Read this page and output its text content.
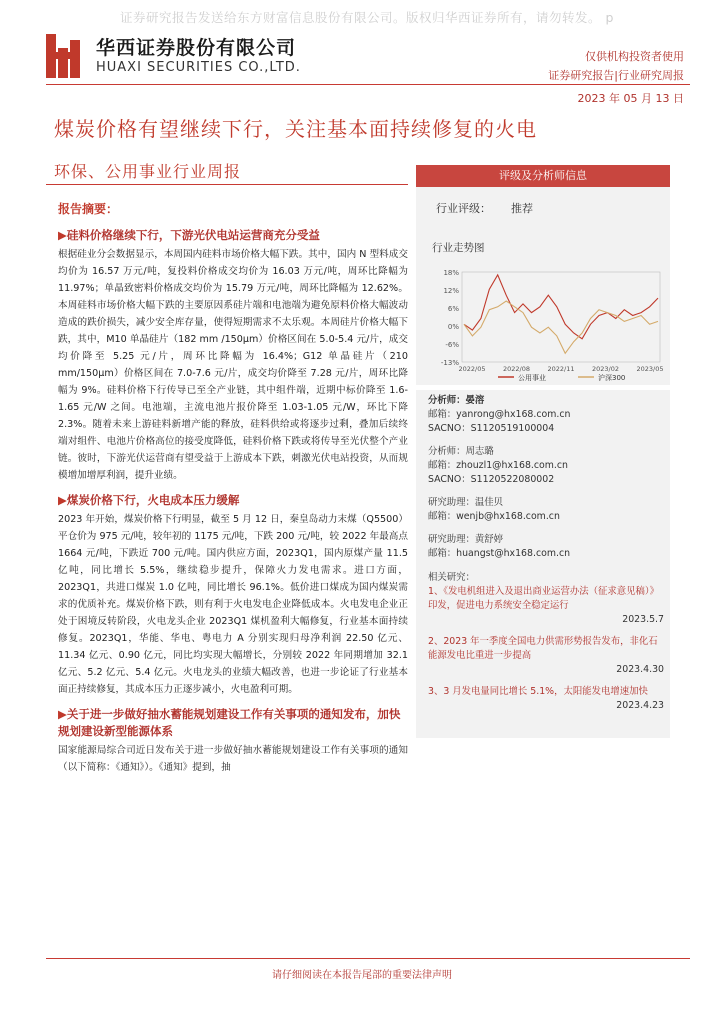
证券研究报告发送给东方财富信息股份有限公司。版权归华西证券所有，请勿转发。 p
华西证券股份有限公司
HUAXI SECURITIES CO.,LTD.
仅供机构投资者使用
证券研究报告|行业研究周报
2023 年 05 月 13 日
煤炭价格有望继续下行，关注基本面持续修复的火电
环保、公用事业行业周报
报告摘要：
▶硅料价格继续下行，下游光伏电站运营商充分受益

根据硅业分会数据显示，本周国内硅料市场价格大幅下跌。其中，国内 N 型料成交均价为 16.57 万元/吨，复投料价格成交均价为 16.03 万元/吨，周环比降幅为 11.97%；单晶致密料价格成交均价为 15.79 万元/吨，周环比降幅为 12.62%。本周硅料市场价格大幅下跌的主要原因系硅片端和电池端为避免原料价格大幅波动造成的跌价损失，减少安全库存量，使得短期需求不太乐观。本周硅片价格大幅下跌，其中，M10 单晶硅片（182 mm /150μm）价格区间在 5.0-5.4 元/片，成交均价降至 5.25 元/片，周环比降幅为 16.4%；G12 单晶硅片（210 mm/150μm）价格区间在 7.0-7.6 元/片，成交均价降至 7.28 元/片，周环比降幅为 9%。硅料价格下行传导已至全产业链，其中组件端，近期中标价降至 1.6-1.65 元/W 之间。电池端，主流电池片报价降至 1.03-1.05 元/W，环比下降 2.3%。随着未来上游硅料新增产能的释放，硅料供给或将逐步过剩，叠加后续终端对组件、电池片价格高位的接受度降低，硅料价格下跌或将传导至光伏整个产业链。彼时，下游光伏运营商有望受益于上游成本下跌，刺激光伏电站投资，从而规模增加增厚利润，提升业绩。

▶煤炭价格下行，火电成本压力缓解

2023 年开始，煤炭价格下行明显，截至 5 月 12 日，秦皇岛动力末煤（Q5500）平仓价为 975 元/吨，较年初的 1175 元/吨，下跌 200 元/吨，较 2022 年最高点 1664 元/吨，下跌近 700 元/吨。国内供应方面，2023Q1，国内原煤产量 11.5 亿吨，同比增长 5.5%，继续稳步提升，保障火力发电需求。进口方面，2023Q1，共进口煤炭 1.0 亿吨，同比增长 96.1%。低价进口煤成为国内煤炭需求的优质补充。煤炭价格下跌，则有利于火电发电企业降低成本。火电发电企业正处于困境反转阶段，火电龙头企业 2023Q1 煤机盈利大幅修复，行业基本面持续修复。2023Q1，华能、华电、粤电力 A 分别实现归母净利润 22.50 亿元、11.34 亿元、0.90 亿元，同比均实现大幅增长，分别较 2022 年同期增加 32.1 亿元、5.2 亿元、5.4 亿元。火电龙头的业绩大幅改善，也进一步论证了行业基本面正持续修复，其成本压力正逐步减小，火电盈利可期。

▶关于进一步做好抽水蓄能规划建设工作有关事项的通知发布，加快规划建设新型能源体系

国家能源局综合司近日发布关于进一步做好抽水蓄能规划建设工作有关事项的通知（以下简称：《通知》）。《通知》提到，抽

评级及分析师信息
行业评级： 推荐
行业走势图
18%
12%
6%
0%
-6%
-13%
2022/05	2022/08	2022/11	2023/02	2023/05
公用事业	沪深300
分析师：晏溶
邮箱：yanrong@hx168.com.cn
SACNO：S1120519100004
分析师：周志璐
邮箱：zhouzl1@hx168.com.cn
SACNO：S1120522080002
研究助理：温佳贝
邮箱：wenjb@hx168.com.cn
研究助理：黄舒婷
邮箱：huangst@hx168.com.cn
相关研究：
1、《发电机组进入及退出商业运营办法（征求意见稿）》印发，促进电力系统安全稳定运行
2023.5.7
2、2023 年一季度全国电力供需形势报告发布，非化石能源发电比重进一步提高
2023.4.30
3、3 月发电量同比增长 5.1%，太阳能发电增速加快
2023.4.23
请仔细阅读在本报告尾部的重要法律声明
